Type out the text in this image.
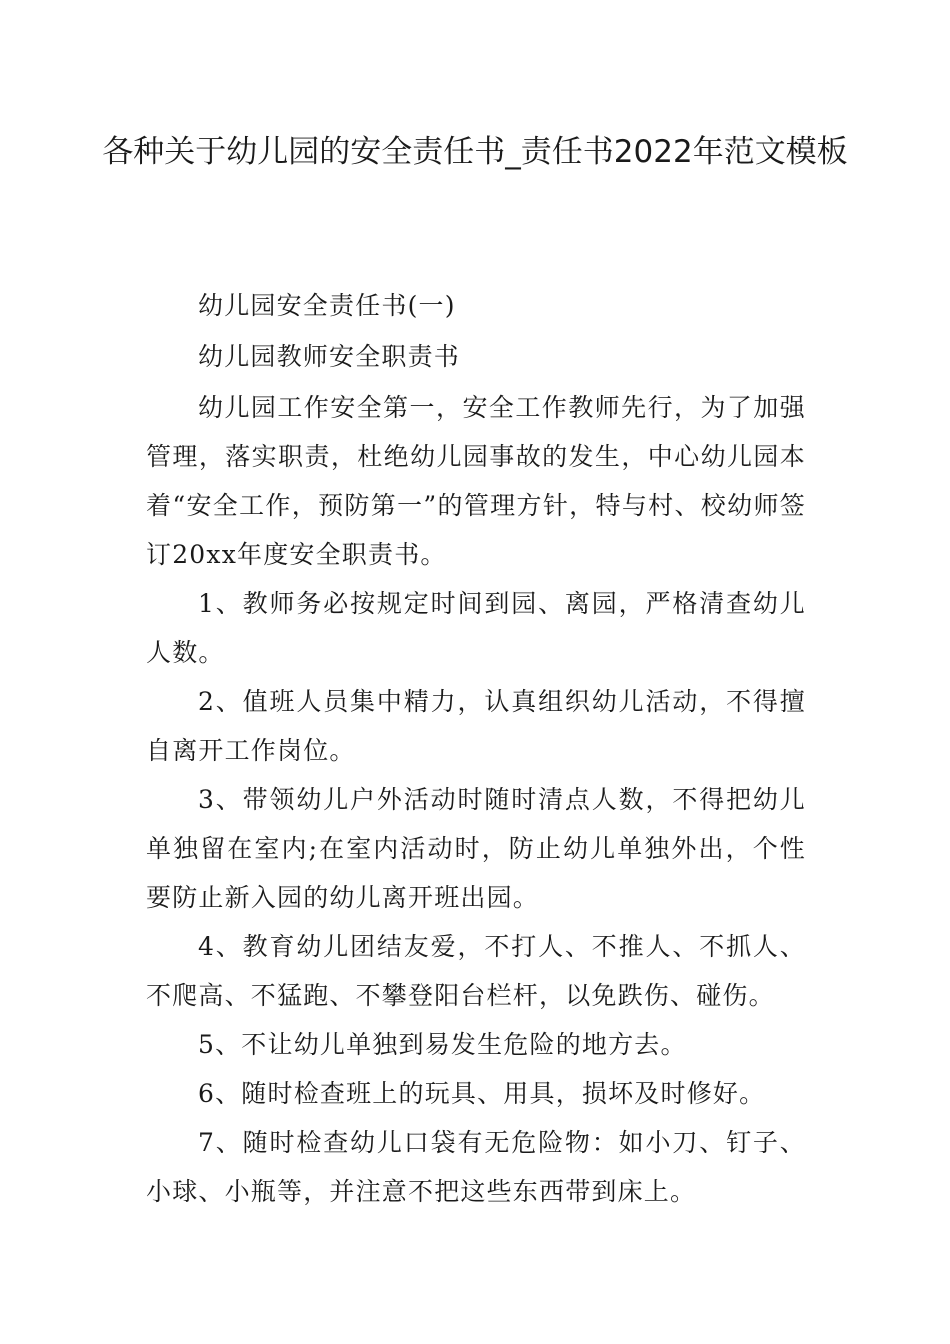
各种关于幼儿园的安全责任书_责任书2022年范文模板

幼儿园安全责任书(一)

幼儿园教师安全职责书

幼儿园工作安全第一，安全工作教师先行，为了加强管理，落实职责，杜绝幼儿园事故的发生，中心幼儿园本着“安全工作，预防第一”的管理方针，特与村、校幼师签订20xx年度安全职责书。

1、教师务必按规定时间到园、离园，严格清查幼儿人数。

2、值班人员集中精力，认真组织幼儿活动，不得擅自离开工作岗位。

3、带领幼儿户外活动时随时清点人数，不得把幼儿单独留在室内;在室内活动时，防止幼儿单独外出，个性要防止新入园的幼儿离开班出园。

4、教育幼儿团结友爱，不打人、不推人、不抓人、不爬高、不猛跑、不攀登阳台栏杆，以免跌伤、碰伤。

5、不让幼儿单独到易发生危险的地方去。

6、随时检查班上的玩具、用具，损坏及时修好。

7、随时检查幼儿口袋有无危险物：如小刀、钉子、小球、小瓶等，并注意不把这些东西带到床上。
